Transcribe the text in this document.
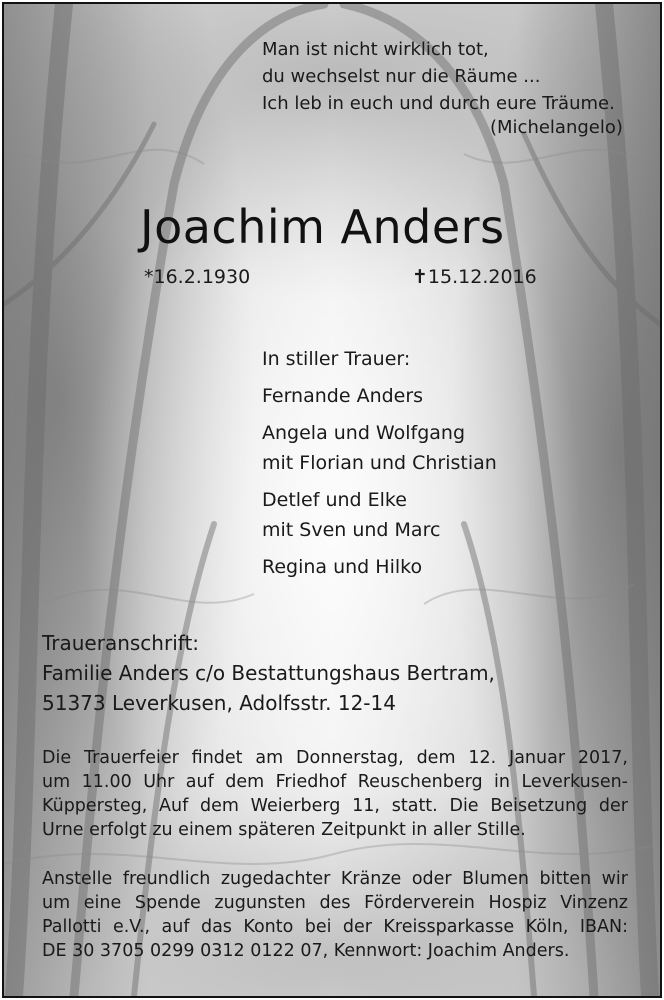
Man ist nicht wirklich tot,
du wechselst nur die Räume ...
Ich leb in euch und durch eure Träume.
(Michelangelo)
Joachim Anders
*16.2.1930	✝15.12.2016
In stiller Trauer:
Fernande Anders
Angela und Wolfgang
mit Florian und Christian
Detlef und Elke
mit Sven und Marc
Regina und Hilko
Traueranschrift:
Familie Anders c/o Bestattungshaus Bertram,
51373 Leverkusen, Adolfsstr. 12-14
Die Trauerfeier findet am Donnerstag, dem 12. Januar 2017,
um 11.00 Uhr auf dem Friedhof Reuschenberg in Leverkusen-
Küppersteg, Auf dem Weierberg 11, statt. Die Beisetzung der
Urne erfolgt zu einem späteren Zeitpunkt in aller Stille.
Anstelle freundlich zugedachter Kränze oder Blumen bitten wir
um eine Spende zugunsten des Förderverein Hospiz Vinzenz
Pallotti e.V., auf das Konto bei der Kreissparkasse Köln, IBAN:
DE 30 3705 0299 0312 0122 07, Kennwort: Joachim Anders.
